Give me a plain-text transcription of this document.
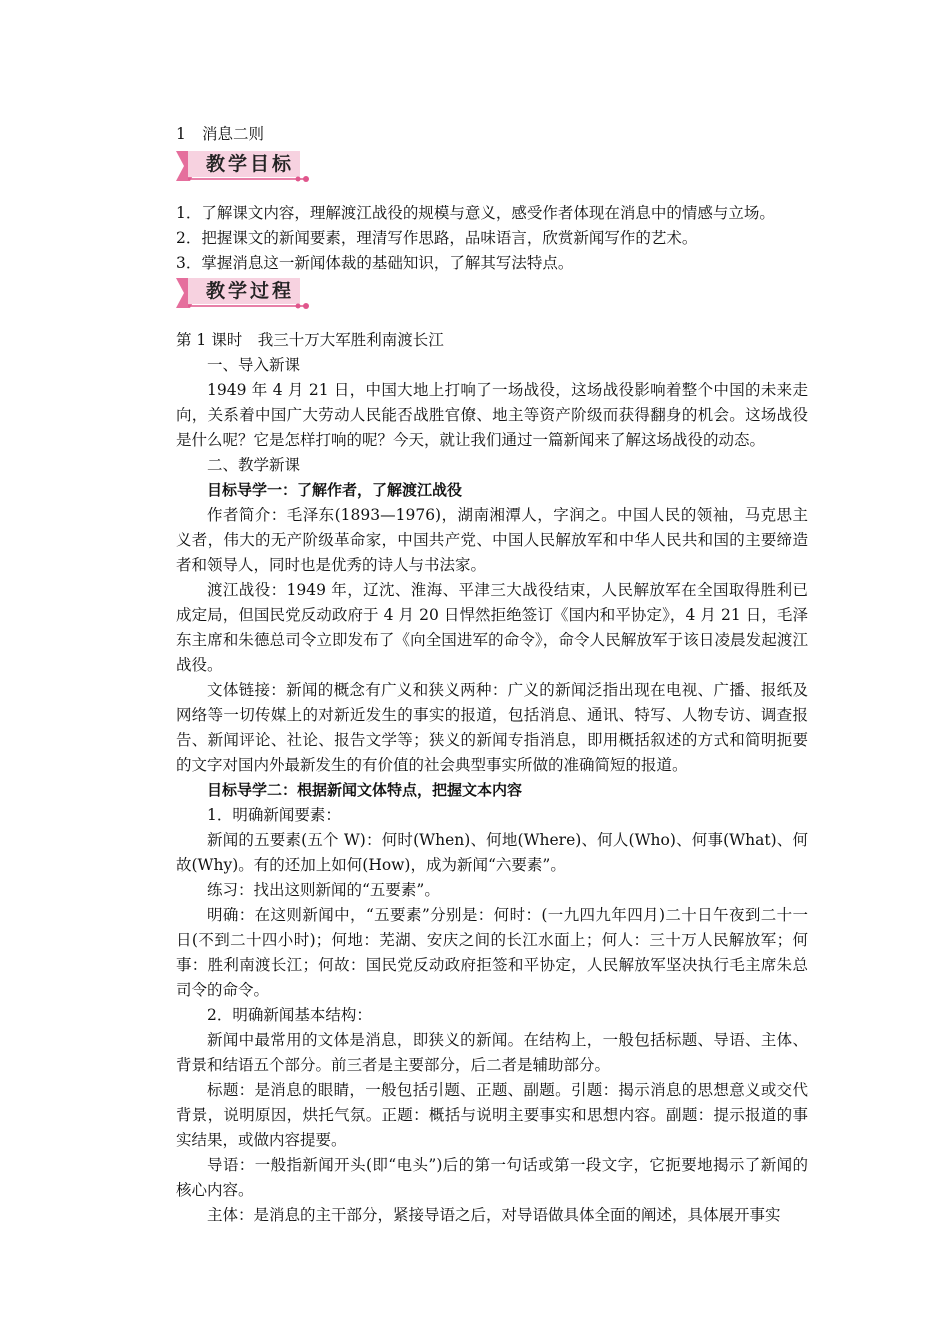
1 消息二则

教学目标

1．了解课文内容，理解渡江战役的规模与意义，感受作者体现在消息中的情感与立场。

2．把握课文的新闻要素，理清写作思路，品味语言，欣赏新闻写作的艺术。

3．掌握消息这一新闻体裁的基础知识，了解其写法特点。

教学过程

第 1 课时　我三十万大军胜利南渡长江

一、导入新课

1949 年 4 月 21 日，中国大地上打响了一场战役，这场战役影响着整个中国的未来走向，关系着中国广大劳动人民能否战胜官僚、地主等资产阶级而获得翻身的机会。这场战役是什么呢？它是怎样打响的呢？今天，就让我们通过一篇新闻来了解这场战役的动态。

二、教学新课

目标导学一：了解作者，了解渡江战役

作者简介：毛泽东(1893—1976)，湖南湘潭人，字润之。中国人民的领袖，马克思主义者，伟大的无产阶级革命家，中国共产党、中国人民解放军和中华人民共和国的主要缔造者和领导人，同时也是优秀的诗人与书法家。

渡江战役：1949 年，辽沈、淮海、平津三大战役结束，人民解放军在全国取得胜利已成定局，但国民党反动政府于 4 月 20 日悍然拒绝签订《国内和平协定》，4 月 21 日，毛泽东主席和朱德总司令立即发布了《向全国进军的命令》，命令人民解放军于该日凌晨发起渡江战役。

文体链接：新闻的概念有广义和狭义两种：广义的新闻泛指出现在电视、广播、报纸及网络等一切传媒上的对新近发生的事实的报道，包括消息、通讯、特写、人物专访、调查报告、新闻评论、社论、报告文学等；狭义的新闻专指消息，即用概括叙述的方式和简明扼要的文字对国内外最新发生的有价值的社会典型事实所做的准确简短的报道。

目标导学二：根据新闻文体特点，把握文本内容

1．明确新闻要素：

新闻的五要素(五个 W)：何时(When)、何地(Where)、何人(Who)、何事(What)、何故(Why)。有的还加上如何(How)，成为新闻“六要素”。

练习：找出这则新闻的“五要素”。

明确：在这则新闻中，“五要素”分别是：何时：(一九四九年四月)二十日午夜到二十一日(不到二十四小时)；何地：芜湖、安庆之间的长江水面上；何人：三十万人民解放军；何事：胜利南渡长江；何故：国民党反动政府拒签和平协定，人民解放军坚决执行毛主席朱总司令的命令。

2．明确新闻基本结构：

新闻中最常用的文体是消息，即狭义的新闻。在结构上，一般包括标题、导语、主体、背景和结语五个部分。前三者是主要部分，后二者是辅助部分。

标题：是消息的眼睛，一般包括引题、正题、副题。引题：揭示消息的思想意义或交代背景，说明原因，烘托气氛。正题：概括与说明主要事实和思想内容。副题：提示报道的事实结果，或做内容提要。

导语：一般指新闻开头(即“电头”)后的第一句话或第一段文字，它扼要地揭示了新闻的核心内容。

主体：是消息的主干部分，紧接导语之后，对导语做具体全面的阐述，具体展开事实
